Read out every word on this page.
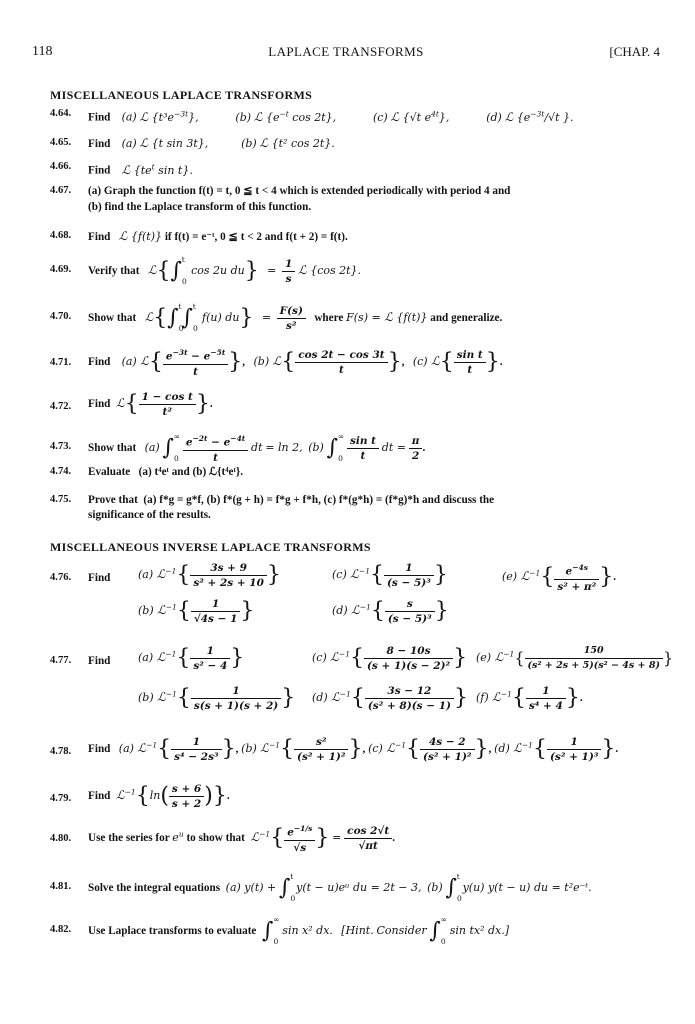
118	LAPLACE TRANSFORMS	[CHAP. 4
MISCELLANEOUS LAPLACE TRANSFORMS
4.64. Find (a) ℒ $\{t^3e^{-3t}\}$,	(b) ℒ {$e^{-t}$ cos 2t},	(c) ℒ {√t $e^{4t}$},	(d) ℒ {$e^{-3t}/√t$ }.
4.65. Find (a) ℒ {t sin 3t},	(b) ℒ {t² cos 2t}.
4.66. Find ℒ {$te^t$ sin t}.
4.67. (a) Graph the function f(t) = t, 0 ≦ t < 4 which is extended periodically with period 4 and
(b) find the Laplace transform of this function.
4.68. Find ℒ {f(t)} if f(t) = e⁻ᵗ, 0 ≦ t < 2 and f(t + 2) = f(t).
4.69. Verify that $ℒ\{\int_0^t$  cos 2u $du\} = \frac{1}{s}$ ℒ {cos 2t}.
4.70. Show that $ℒ\{\int_0^t\int_0^t$  f(u) $du\} = \frac{F(s)}{\text{s²}}$ where F(s) = ℒ {f(t)} and generalize.
4.71. Find (a) ℒ{ $\frac{e^{-3t} - e^{-5t}}{t}$ },   (b) ℒ{ $\frac{\cos 2t - \cos 3t}{t}$ },   (c) ℒ{ $\frac{\text{sin t}}{t}$ }.
4.72. Find ℒ{ $\frac{\text{1 − cos t}}{\text{t²}}$ }.
4.73. Show that (a) $\int_0^\infty \frac{e^{-2t} - e^{-4t}}{t}$ dt = ln 2, (b) $\int_0^\infty \frac{\text{sin t}}{t}$ dt = $\frac{\pi}{2}$ .
4.74. Evaluate (a) t⁴eᵗ and (b) ℒ{t⁴eᵗ}.
4.75. Prove that (a) f*g = g*f, (b) f*(g + h) = f*g + f*h, (c) f*(g*h) = (f*g)*h and discuss the
significance of the results.
MISCELLANEOUS INVERSE LAPLACE TRANSFORMS
4.76. Find	(a) ℒ$^{-1}${ $\frac{3s + 9}{\text{s² + 2s + 10}}$ }	(c) ℒ$^{-1}${ $\frac{1}{\text{(s − 5)³}}$ }	(e) ℒ$^{-1}${ $\frac{e^{-4s}}{\text{s² + π²}}$ }.
(b) ℒ$^{-1}${ $\frac{1}{√4s - 1}$ }	(d) ℒ$^{-1}${ $\frac{s}{\text{(s − 5)³}}$ }
4.77. Find	(a) ℒ$^{-1}${ $\frac{1}{\text{s² − 4}}$ }	(c) ℒ$^{-1}${ $\frac{8 - 10s}{\text{(s + 1)(s − 2)²}}$ } (e) ℒ$^{-1}${ $\frac{150}{\text{(s² + 2s + 5)(s² − 4s + 8)}}$ }
(b) ℒ$^{-1}${ $\frac{1}{s(s + 1)(s + 2)}$ } (d) ℒ$^{-1}${ $\frac{3s - 12}{\text{(s² + 8)(s − 1)}}$ } (f) ℒ$^{-1}${ $\frac{1}{\text{s⁴ + 4}}$ }.
4.78. Find (a) ℒ$^{-1}${ $\frac{1}{\text{s⁴ − 2s³}}$ }, (b) ℒ$^{-1}${ $\frac{\text{s²}}{\text{(s² + 1)²}}$ }, (c) ℒ$^{-1}${ $\frac{4s - 2}{\text{(s² + 1)²}}$ }, (d) ℒ$^{-1}${ $\frac{1}{\text{(s² + 1)³}}$ }.
4.79. Find ℒ$^{-1}${ln( $\frac{s + 6}{s + 2}$ )}.
4.80. Use the series for $e^u$ to show that ℒ$^{-1}${ $\frac{e^{-1/s}}{√s}$ } = $\frac{\cos 2√t}{√\pi t}$ .
4.81. Solve the integral equations (a) $y(t) + \int_0^t$ y(t − u)eᵘ du = 2t − 3, (b) $\int_0^t$ y(u) y(t − u) du = t²e⁻ᵗ.
4.82. Use Laplace transforms to evaluate $\int_0^\infty$ sin x² dx. [Hint. Consider $\int_0^\infty$ sin tx² dx.]
